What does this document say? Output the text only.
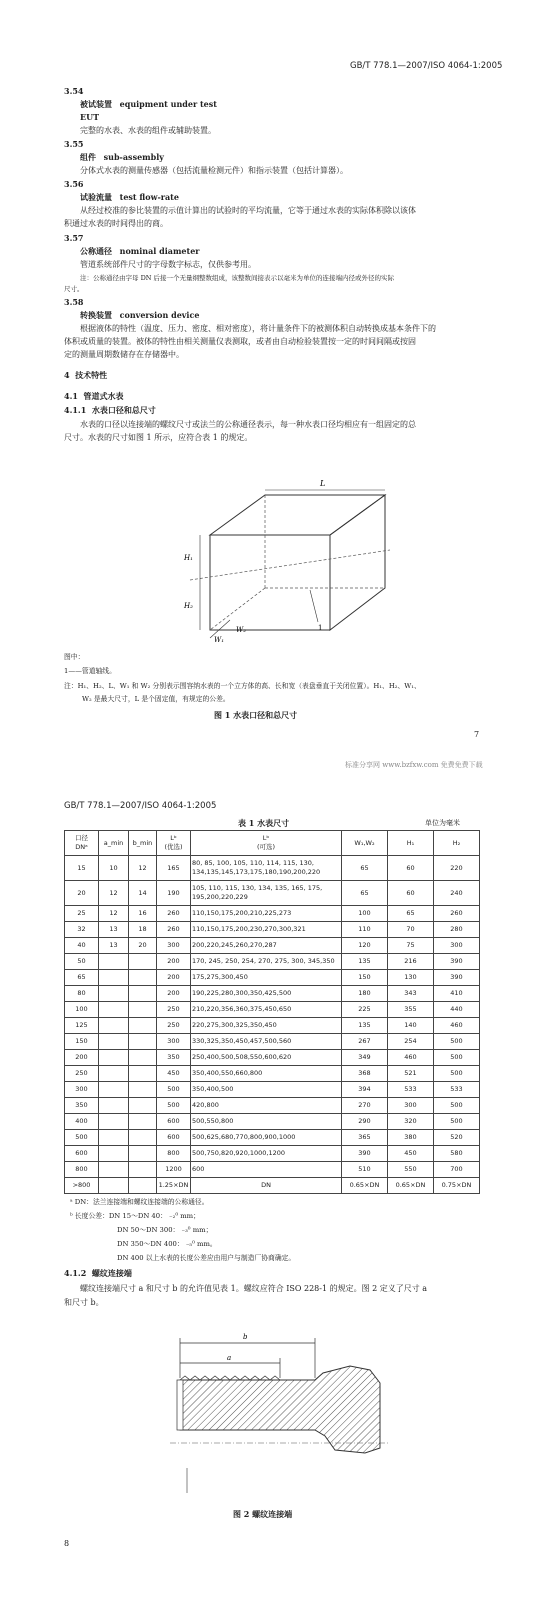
GB/T 778.1—2007/ISO 4064-1:2005
3.54
被试装置 equipment under test
EUT
完整的水表、水表的组件或辅助装置。
3.55
组件 sub-assembly
分体式水表的测量传感器（包括流量检测元件）和指示装置（包括计算器）。
3.56
试验流量 test flow-rate
从经过校准的参比装置的示值计算出的试验时的平均流量，它等于通过水表的实际体积除以该体
积通过水表的时间得出的商。
3.57
公称通径 nominal diameter
管道系统部件尺寸的字母数字标志，仅供参考用。
注：公称通径由字母 DN 后接一个无量纲整数组成，该整数间接表示以毫米为单位的连接端内径或外径的实际
尺寸。
3.58
转换装置 conversion device
根据液体的特性（温度、压力、密度、相对密度），将计量条件下的被测体积自动转换成基本条件下的
体积或质量的装置。被体的特性由相关测量仪表测取，或者由自动检验装置按一定的时间间隔或按固
定的测量周期数储存在存储器中。
4 技术特性
4.1 管道式水表
4.1.1 水表口径和总尺寸
水表的口径以连接端的螺纹尺寸或法兰的公称通径表示，每一种水表口径均相应有一组固定的总
尺寸。水表的尺寸如图 1 所示，应符合表 1 的规定。
L
H₁
H₂
W₁
W₂	1
图中：
1——管道轴线。
注：H₁、H₂、L、W₁ 和 W₂ 分别表示围容纳水表的一个立方体的高、长和宽（表盘垂直于关闭位置）。H₁、H₂、W₁、
W₂ 是最大尺寸，L 是个固定值，有规定的公差。
图 1 水表口径和总尺寸
7
标准分享网 www.bzfxw.com 免费免费下载
GB/T 778.1—2007/ISO 4064-1:2005
表 1 水表尺寸	单位为毫米
口径
DNᵃ	a_min	b_min	Lᵇ
(优选)	Lᵇ
(可选)	W₁,W₂	H₁	H₂
15	10	12	165	80, 85, 100, 105, 110, 114, 115, 130, 134,135,145,173,175,180,190,200,220	65	60	220
20	12	14	190	105, 110, 115, 130, 134, 135, 165, 175, 195,200,220,229	65	60	240
25	12	16	260	110,150,175,200,210,225,273	100	65	260
32	13	18	260	110,150,175,200,230,270,300,321	110	70	280
40	13	20	300	200,220,245,260,270,287	120	75	300
50			200	170, 245, 250, 254, 270, 275, 300, 345,350	135	216	390
65			200	175,275,300,450	150	130	390
80			200	190,225,280,300,350,425,500	180	343	410
100			250	210,220,356,360,375,450,650	225	355	440
125			250	220,275,300,325,350,450	135	140	460
150			300	330,325,350,450,457,500,560	267	254	500
200			350	250,400,500,508,550,600,620	349	460	500
250			450	350,400,550,660,800	368	521	500
300			500	350,400,500	394	533	533
350			500	420,800	270	300	500
400			600	500,550,800	290	320	500
500			600	500,625,680,770,800,900,1000	365	380	520
600			800	500,750,820,920,1000,1200	390	450	580
800			1200	600	510	550	700
>800			1.25×DN	DN	0.65×DN	0.65×DN	0.75×DN
ᵃ DN：法兰连接端和螺纹连接端的公称通径。
ᵇ 长度公差：DN 15～DN 40： ₋₂⁰ mm；
DN 50～DN 300： ₋₃⁰ mm；
DN 350～DN 400： ₋₅⁰ mm。
DN 400 以上水表的长度公差应由用户与制造厂协商确定。
4.1.2 螺纹连接端
螺纹连接端尺寸 a 和尺寸 b 的允许值见表 1。螺纹应符合 ISO 228-1 的规定。图 2 定义了尺寸 a
和尺寸 b。
b
a
图 2 螺纹连接端
8
